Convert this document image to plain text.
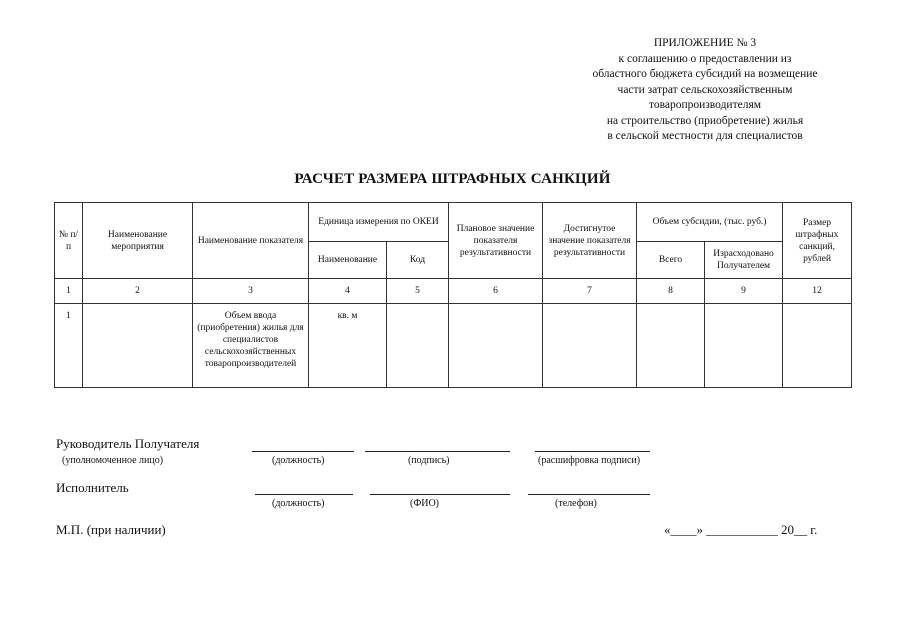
ПРИЛОЖЕНИЕ № 3
к соглашению о предоставлении из
областного бюджета субсидий на возмещение
части затрат сельскохозяйственным
товаропроизводителям
на строительство (приобретение) жилья
в сельской местности для специалистов
РАСЧЕТ РАЗМЕРА ШТРАФНЫХ САНКЦИЙ
№ п/п	Наименование мероприятия	Наименование показателя	Единица измерения по ОКЕИ		Плановое значение показателя результативности	Достигнутое значение показателя результативности	Объем субсидии, (тыс. руб.)		Размер штрафных санкций, рублей
			Наименование	Код					
							Всего	Израсходовано Получателем	
1	2	3	4	5	6	7	8	9	12
1		Объем ввода (приобретения) жилья для специалистов сельскохозяйственных товаропроизводителей	кв. м						
Руководитель Получателя
(уполномоченное лицо)	(должность)	(подпись)	(расшифровка подписи)
Исполнитель
(должность)	(ФИО)	(телефон)
М.П. (при наличии)	«____» ___________ 20__ г.
